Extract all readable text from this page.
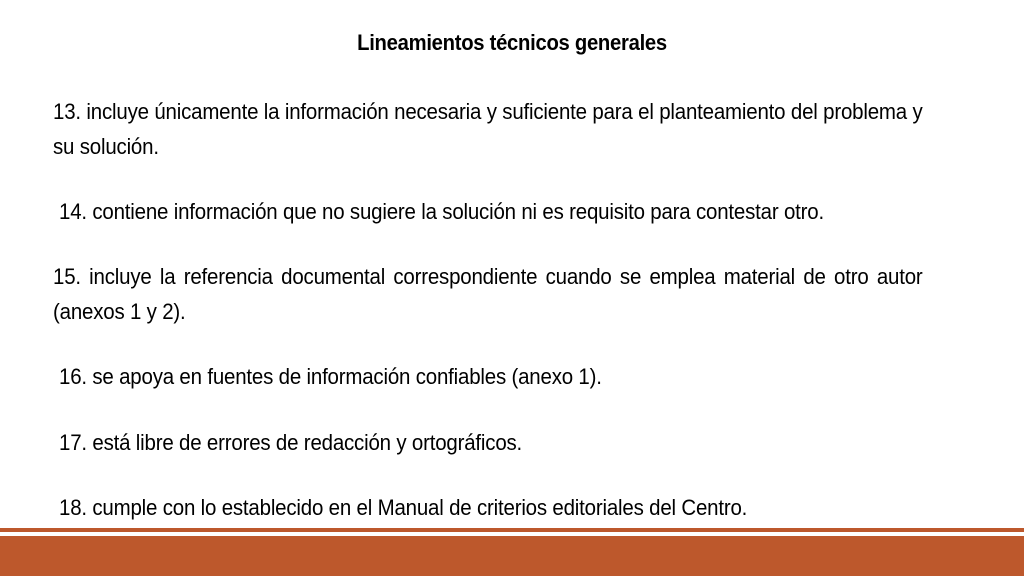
Lineamientos técnicos generales
13. incluye únicamente la información necesaria y suficiente para el planteamiento del problema y su solución.
14. contiene información que no sugiere la solución ni es requisito para contestar otro.
15. incluye la referencia documental correspondiente cuando se emplea material de otro autor (anexos 1 y 2).
16. se apoya en fuentes de información confiables (anexo 1).
17. está libre de errores de redacción y ortográficos.
18. cumple con lo establecido en el Manual de criterios editoriales del Centro.
